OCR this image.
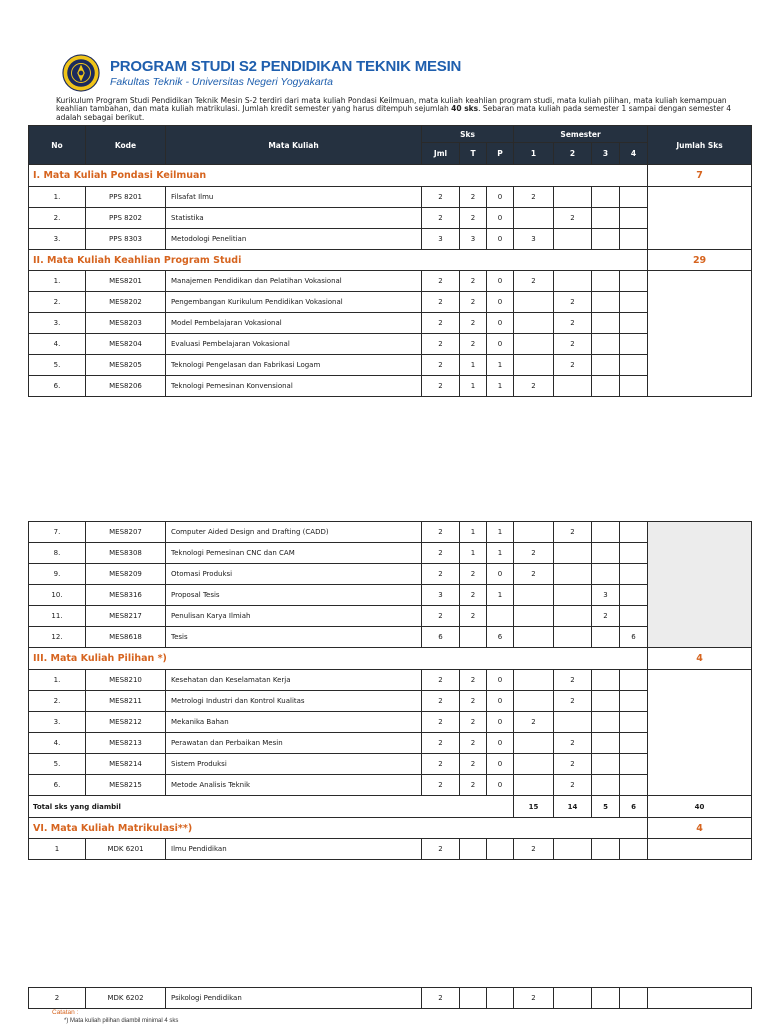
PROGRAM STUDI S2 PENDIDIKAN TEKNIK MESIN
Fakultas Teknik - Universitas Negeri Yogyakarta
Kurikulum Program Studi Pendidikan Teknik Mesin S-2 terdiri dari mata kuliah Pondasi Keilmuan, mata kuliah keahlian program studi, mata kuliah pilihan, mata kuliah kemampuan keahlian tambahan, dan mata kuliah matrikulasi. Jumlah kredit semester yang harus ditempuh sejumlah 40 sks. Sebaran mata kuliah pada semester 1 sampai dengan semester 4 adalah sebagai berikut.
No	Kode	Mata Kuliah	Sks			Semester				Jumlah Sks
			Jml	T	P	1	2	3	4	
I. Mata Kuliah Pondasi Keilmuan										7
1.	PPS 8201	Filsafat Ilmu	2	2	0	2				
2.	PPS 8202	Statistika	2	2	0		2			
3.	PPS 8303	Metodologi Penelitian	3	3	0	3				
II. Mata Kuliah Keahlian Program Studi										29
1.	MES8201	Manajemen Pendidikan dan Pelatihan Vokasional	2	2	0	2				
2.	MES8202	Pengembangan Kurikulum Pendidikan Vokasional	2	2	0		2			
3.	MES8203	Model Pembelajaran Vokasional	2	2	0		2			
4.	MES8204	Evaluasi Pembelajaran Vokasional	2	2	0		2			
5.	MES8205	Teknologi Pengelasan dan Fabrikasi Logam	2	1	1		2			
6.	MES8206	Teknologi Pemesinan Konvensional	2	1	1	2				
7.	MES8207	Computer Aided Design and Drafting (CADD)	2	1	1		2			
8.	MES8308	Teknologi Pemesinan CNC dan CAM	2	1	1	2				
9.	MES8209	Otomasi Produksi	2	2	0	2				
10.	MES8316	Proposal Tesis	3	2	1			3		
11.	MES8217	Penulisan Karya Ilmiah	2	2				2		
12.	MES8618	Tesis	6		6				6	
III. Mata Kuliah Pilihan *)										4
1.	MES8210	Kesehatan dan Keselamatan Kerja	2	2	0		2			
2.	MES8211	Metrologi Industri dan Kontrol Kualitas	2	2	0		2			
3.	MES8212	Mekanika Bahan	2	2	0	2				
4.	MES8213	Perawatan dan Perbaikan Mesin	2	2	0		2			
5.	MES8214	Sistem Produksi	2	2	0		2			
6.	MES8215	Metode Analisis Teknik	2	2	0		2			
Total sks yang diambil						15	14	5	6	40
VI. Mata Kuliah Matrikulasi**)										4
1	MDK 6201	Ilmu Pendidikan	2			2				
2	MDK 6202	Psikologi Pendidikan	2			2				
Catatan :
*) Mata kuliah pilihan diambil minimal 4 sks
